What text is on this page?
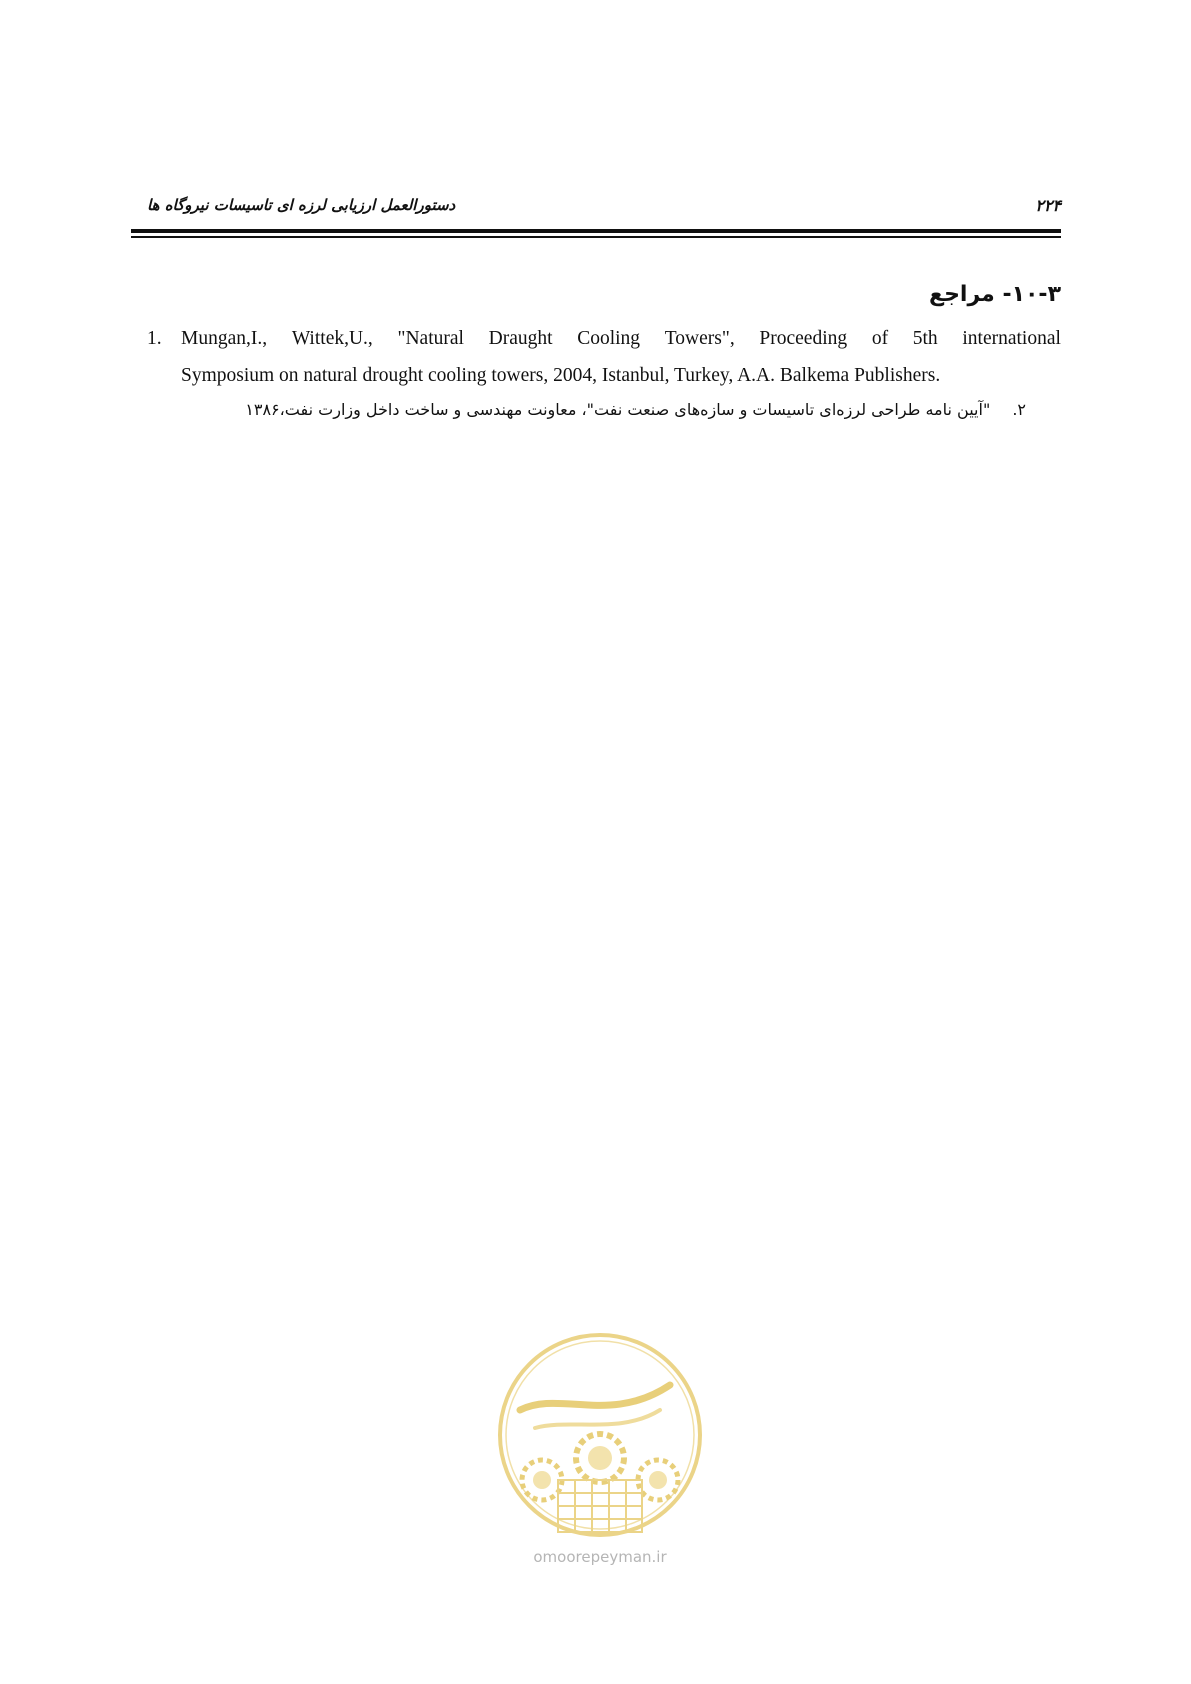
دستورالعمل ارزیابی لرزه ای تاسیسات نیروگاه ها	۲۲۴
۱۰-۳- مراجع
1. Mungan,I., Wittek,U., "Natural Draught Cooling Towers", Proceeding of 5th international
Symposium on natural drought cooling towers, 2004, Istanbul, Turkey, A.A. Balkema Publishers.
۲."آیین نامه طراحی لرزه‌ای تاسیسات و سازه‌های صنعت نفت"، معاونت مهندسی و ساخت داخل وزارت نفت،۱۳۸۶
omoorepeyman.ir
